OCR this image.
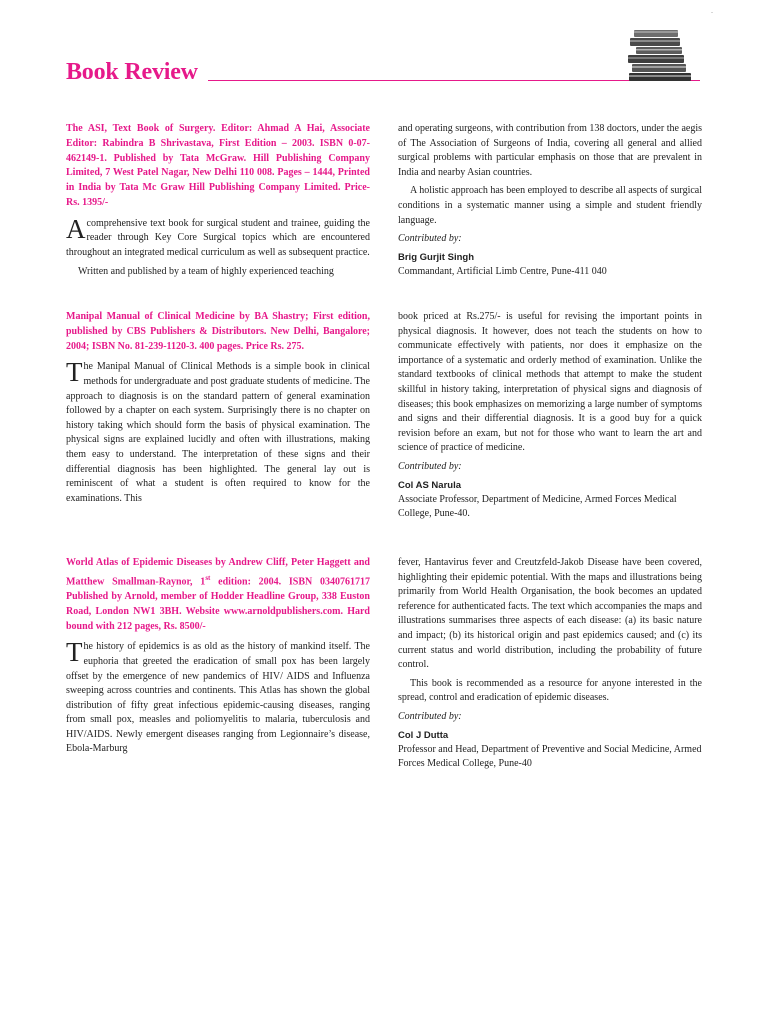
.
Book Review

The ASI, Text Book of Surgery. Editor: Ahmad A Hai, Associate Editor: Rabindra B Shrivastava, First Edition – 2003. ISBN 0-07-462149-1. Published by Tata McGraw. Hill Publishing Company Limited, 7 West Patel Nagar, New Delhi 110 008. Pages – 1444, Printed in India by Tata Mc Graw Hill Publishing Company Limited. Price- Rs. 1395/-

Acomprehensive text book for surgical student and trainee, guiding the reader through Key Core Surgical topics which are encountered throughout an integrated medical curriculum as well as subsequent practice.

Written and published by a team of highly experienced teaching

and operating surgeons, with contribution from 138 doctors, under the aegis of The Association of Surgeons of India, covering all general and allied surgical problems with particular emphasis on those that are prevalent in India and nearby Asian countries.

A holistic approach has been employed to describe all aspects of surgical conditions in a systematic manner using a simple and student friendly language.

Contributed by:

Brig Gurjit Singh

Commandant, Artificial Limb Centre, Pune-411 040

Manipal Manual of Clinical Medicine by BA Shastry; First edition, published by CBS Publishers & Distributors. New Delhi, Bangalore; 2004; ISBN No. 81-239-1120-3. 400 pages. Price Rs. 275.

The Manipal Manual of Clinical Methods is a simple book in clinical methods for undergraduate and post graduate students of medicine. The approach to diagnosis is on the standard pattern of general examination followed by a chapter on each system. Surprisingly there is no chapter on history taking which should form the basis of physical examination. The physical signs are explained lucidly and often with illustrations, making them easy to understand. The interpretation of these signs and their differential diagnosis has been highlighted. The general lay out is reminiscent of what a student is often required to know for the examinations. This

book priced at Rs.275/- is useful for revising the important points in physical diagnosis. It however, does not teach the students on how to communicate effectively with patients, nor does it emphasize on the importance of a systematic and orderly method of examination. Unlike the standard textbooks of clinical methods that attempt to make the student skillful in history taking, interpretation of physical signs and diagnosis of diseases; this book emphasizes on memorizing a large number of symptoms and signs and their differential diagnosis. It is a good buy for a quick revision before an exam, but not for those who want to learn the art and science of practice of medicine.

Contributed by:

Col AS Narula

Associate Professor, Department of Medicine, Armed Forces Medical College, Pune-40.

World Atlas of Epidemic Diseases by Andrew Cliff, Peter Haggett and Matthew Smallman-Raynor, 1st edition: 2004. ISBN 0340761717 Published by Arnold, member of Hodder Headline Group, 338 Euston Road, London NW1 3BH. Website www.arnoldpublishers.com. Hard bound with 212 pages, Rs. 8500/-

The history of epidemics is as old as the history of mankind itself. The euphoria that greeted the eradication of small pox has been largely offset by the emergence of new pandemics of HIV/ AIDS and Influenza sweeping across countries and continents. This Atlas has shown the global distribution of fifty great infectious epidemic-causing diseases, ranging from small pox, measles and poliomyelitis to malaria, tuberculosis and HIV/AIDS. Newly emergent diseases ranging from Legionnaire’s disease, Ebola-Marburg

fever, Hantavirus fever and Creutzfeld-Jakob Disease have been covered, highlighting their epidemic potential. With the maps and illustrations being primarily from World Health Organisation, the book becomes an updated reference for authenticated facts. The text which accompanies the maps and illustrations summarises three aspects of each disease: (a) its basic nature and impact; (b) its historical origin and past epidemics caused; and (c) its current status and world distribution, including the probability of future control.

This book is recommended as a resource for anyone interested in the spread, control and eradication of epidemic diseases.

Contributed by:

Col J Dutta

Professor and Head, Department of Preventive and Social Medicine, Armed Forces Medical College, Pune-40
